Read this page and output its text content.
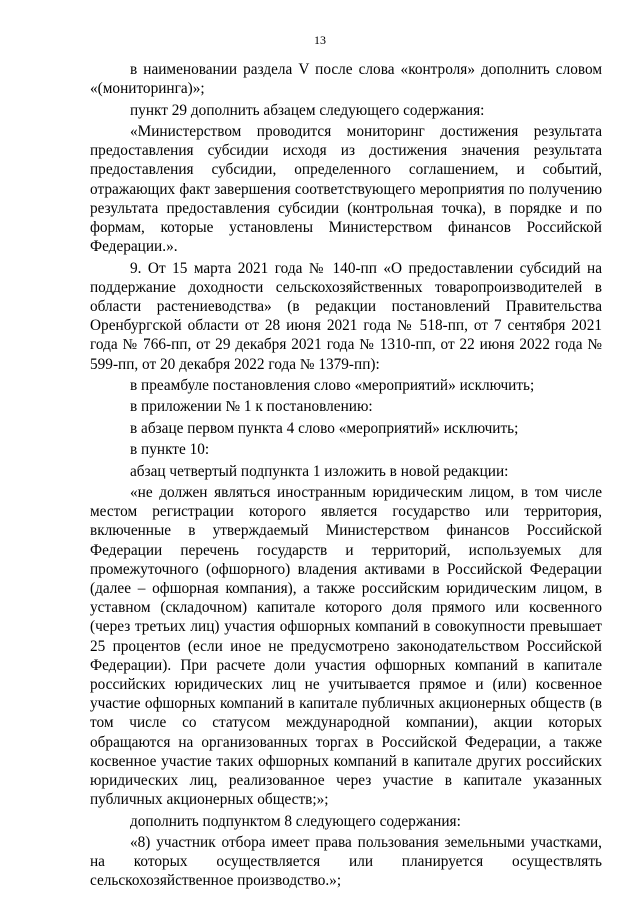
13

в наименовании раздела V после слова «контроля» дополнить словом «(мониторинга)»;

пункт 29 дополнить абзацем следующего содержания:

«Министерством проводится мониторинг достижения результата предоставления субсидии исходя из достижения значения результата предоставления субсидии, определенного соглашением, и событий, отражающих факт завершения соответствующего мероприятия по получению результата предоставления субсидии (контрольная точка), в порядке и по формам, которые установлены Министерством финансов Российской Федерации.».

9. От 15 марта 2021 года № 140-пп «О предоставлении субсидий на поддержание доходности сельскохозяйственных товаропроизводителей в области растениеводства» (в редакции постановлений Правительства Оренбургской области от 28 июня 2021 года № 518-пп, от 7 сентября 2021 года № 766-пп, от 29 декабря 2021 года № 1310-пп, от 22 июня 2022 года № 599-пп, от 20 декабря 2022 года № 1379-пп):

в преамбуле постановления слово «мероприятий» исключить;

в приложении № 1 к постановлению:

в абзаце первом пункта 4 слово «мероприятий» исключить;

в пункте 10:

абзац четвертый подпункта 1 изложить в новой редакции:

«не должен являться иностранным юридическим лицом, в том числе местом регистрации которого является государство или территория, включенные в утверждаемый Министерством финансов Российской Федерации перечень государств и территорий, используемых для промежуточного (офшорного) владения активами в Российской Федерации (далее – офшорная компания), а также российским юридическим лицом, в уставном (складочном) капитале которого доля прямого или косвенного (через третьих лиц) участия офшорных компаний в совокупности превышает 25 процентов (если иное не предусмотрено законодательством Российской Федерации). При расчете доли участия офшорных компаний в капитале российских юридических лиц не учитывается прямое и (или) косвенное участие офшорных компаний в капитале публичных акционерных обществ (в том числе со статусом международной компании), акции которых обращаются на организованных торгах в Российской Федерации, а также косвенное участие таких офшорных компаний в капитале других российских юридических лиц, реализованное через участие в капитале указанных публичных акционерных обществ;»;

дополнить подпунктом 8 следующего содержания:

«8) участник отбора имеет права пользования земельными участками, на которых осуществляется или планируется осуществлять сельскохозяйственное производство.»;
